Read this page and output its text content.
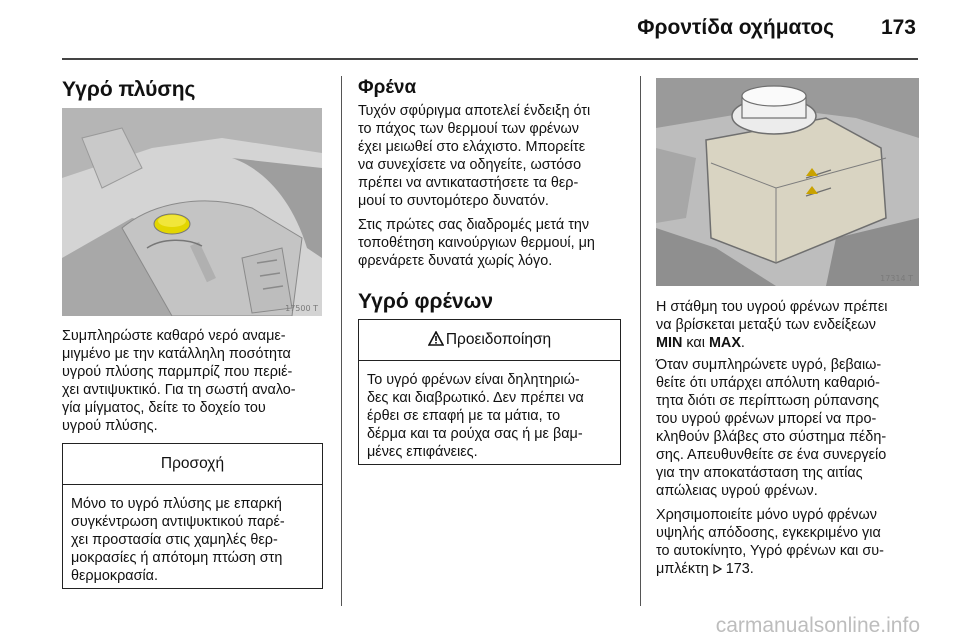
Φροντίδα οχήματος 173
Υγρό πλύσης
17500 T

Συμπληρώστε καθαρό νερό αναμε-
μιγμένο με την κατάλληλη ποσότητα
υγρού πλύσης παρμπρίζ που περιέ-
χει αντιψυκτικό. Για τη σωστή αναλο-
γία μίγματος, δείτε το δοχείο του
υγρού πλύσης.

Προσοχή
Μόνο το υγρό πλύσης με επαρκή
συγκέντρωση αντιψυκτικού παρέ-
χει προστασία στις χαμηλές θερ-
μοκρασίες ή απότομη πτώση στη
θερμοκρασία.
Φρένα

Τυχόν σφύριγμα αποτελεί ένδειξη ότι
το πάχος των θερμουί των φρένων
έχει μειωθεί στο ελάχιστο. Μπορείτε
να συνεχίσετε να οδηγείτε, ωστόσο
πρέπει να αντικαταστήσετε τα θερ-
μουί το συντομότερο δυνατόν.

Στις πρώτες σας διαδρομές μετά την
τοποθέτηση καινούργιων θερμουί, μη
φρενάρετε δυνατά χωρίς λόγο.

Υγρό φρένων
Προειδοποίηση
Το υγρό φρένων είναι δηλητηριώ-
δες και διαβρωτικό. Δεν πρέπει να
έρθει σε επαφή με τα μάτια, το
δέρμα και τα ρούχα σας ή με βαμ-
μένες επιφάνειες.
17314 T

Η στάθμη του υγρού φρένων πρέπει
να βρίσκεται μεταξύ των ενδείξεων
MIN και MAX.

Όταν συμπληρώνετε υγρό, βεβαιω-
θείτε ότι υπάρχει απόλυτη καθαριό-
τητα διότι σε περίπτωση ρύπανσης
του υγρού φρένων μπορεί να προ-
κληθούν βλάβες στο σύστημα πέδη-
σης. Απευθυνθείτε σε ένα συνεργείο
για την αποκατάσταση της αιτίας
απώλειας υγρού φρένων.

Χρησιμοποιείτε μόνο υγρό φρένων
υψηλής απόδοσης, εγκεκριμένο για
το αυτοκίνητο, Υγρό φρένων και συ-
μπλέκτη  173.

carmanualsonline.info
